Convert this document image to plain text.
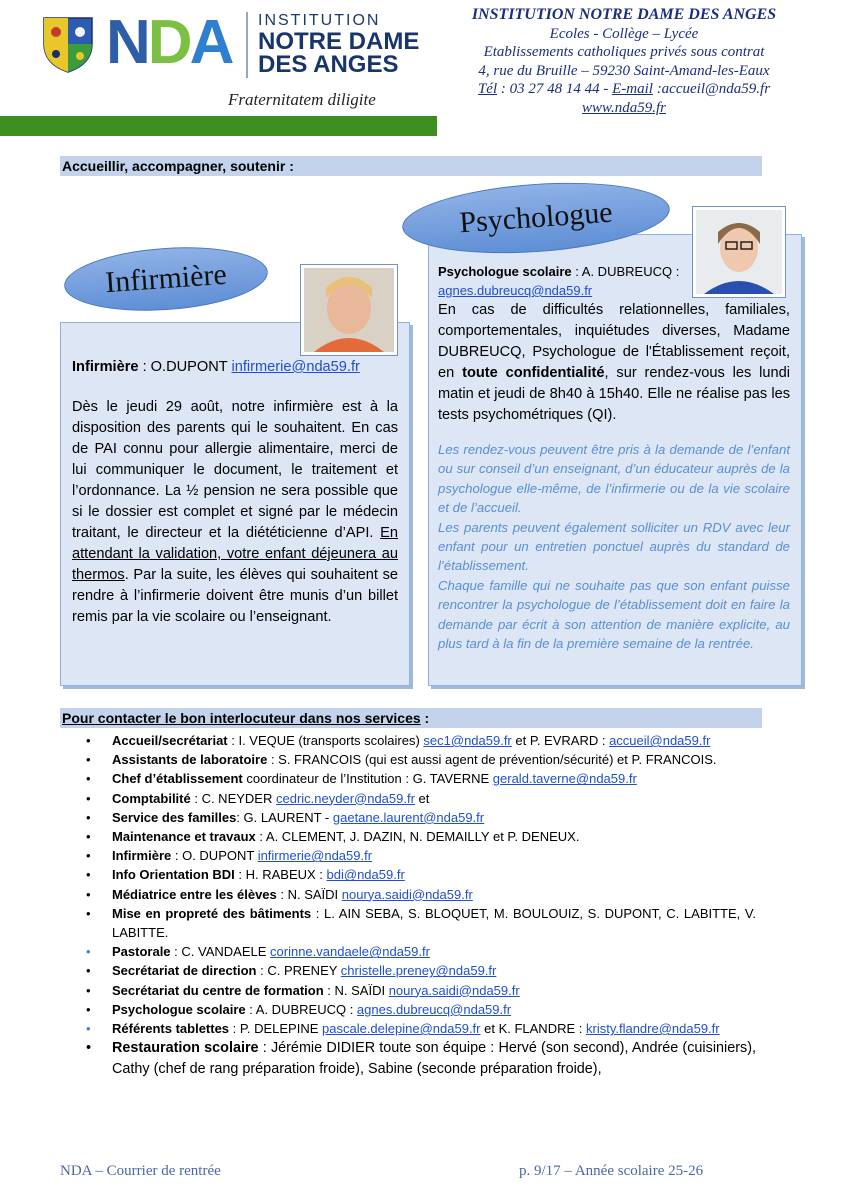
NDA INSTITUTION
NOTRE DAME
DES ANGES
Fraternitatem diligite
INSTITUTION NOTRE DAME DES ANGES
Ecoles - Collège – Lycée
Etablissements catholiques privés sous contrat
4, rue du Bruille – 59230 Saint-Amand-les-Eaux
Tél : 03 27 48 14 44 - E-mail :accueil@nda59.fr
www.nda59.fr
Accueillir, accompagner, soutenir :
Infirmière
Infirmière : O.DUPONT infirmerie@nda59.fr
Dès le jeudi 29 août, notre infirmière est à la disposition des parents qui le souhaitent. En cas de PAI connu pour allergie alimentaire, merci de lui communiquer le document, le traitement et l’ordonnance. La ½ pension ne sera possible que si le dossier est complet et signé par le médecin traitant, le directeur et la diététicienne d’API. En attendant la validation, votre enfant déjeunera au thermos. Par la suite, les élèves qui souhaitent se rendre à l’infirmerie doivent être munis d’un billet remis par la vie scolaire ou l’enseignant.
Psychologue
Psychologue scolaire : A. DUBREUCQ :
agnes.dubreucq@nda59.fr
En cas de difficultés relationnelles, familiales, comportementales, inquiétudes diverses, Madame DUBREUCQ, Psychologue de l'Établissement reçoit, en toute confidentialité, sur rendez-vous les lundi matin et jeudi de 8h40 à 15h40. Elle ne réalise pas les tests psychométriques (QI).

Les rendez-vous peuvent être pris à la demande de l’enfant ou sur conseil d’un enseignant, d’un éducateur auprès de la psychologue elle-même, de l’infirmerie ou de la vie scolaire et de l’accueil.

Les parents peuvent également solliciter un RDV avec leur enfant pour un entretien ponctuel auprès du standard de l’établissement.

Chaque famille qui ne souhaite pas que son enfant puisse rencontrer la psychologue de l’établissement doit en faire la demande par écrit à son attention de manière explicite, au plus tard à la fin de la première semaine de la rentrée.

Pour contacter le bon interlocuteur dans nos services :
•	Accueil/secrétariat : I. VEQUE (transports scolaires) sec1@nda59.fr et P. EVRARD : accueil@nda59.fr
•	Assistants de laboratoire : S. FRANCOIS (qui est aussi agent de prévention/sécurité) et P. FRANCOIS.
•	Chef d’établissement coordinateur de l’Institution : G. TAVERNE gerald.taverne@nda59.fr
•	Comptabilité : C. NEYDER cedric.neyder@nda59.fr et
•	Service des familles: G. LAURENT - gaetane.laurent@nda59.fr
•	Maintenance et travaux : A. CLEMENT, J. DAZIN, N. DEMAILLY et P. DENEUX.
•	Infirmière : O. DUPONT infirmerie@nda59.fr
•	Info Orientation BDI : H. RABEUX : bdi@nda59.fr
•	Médiatrice entre les élèves : N. SAÏDI nourya.saidi@nda59.fr
•	Mise en propreté des bâtiments : L. AIN SEBA, S. BLOQUET, M. BOULOUIZ, S. DUPONT, C. LABITTE, V. LABITTE.
•	Pastorale : C. VANDAELE corinne.vandaele@nda59.fr
•	Secrétariat de direction : C. PRENEY christelle.preney@nda59.fr
•	Secrétariat du centre de formation : N. SAÏDI nourya.saidi@nda59.fr
•	Psychologue scolaire : A. DUBREUCQ : agnes.dubreucq@nda59.fr
•	Référents tablettes : P. DELEPINE pascale.delepine@nda59.fr et K. FLANDRE : kristy.flandre@nda59.fr
•	Restauration scolaire : Jérémie DIDIER toute son équipe : Hervé (son second), Andrée (cuisiniers), Cathy (chef de rang préparation froide), Sabine (seconde préparation froide),
NDA – Courrier de rentrée	p. 9/17 – Année scolaire 25-26
